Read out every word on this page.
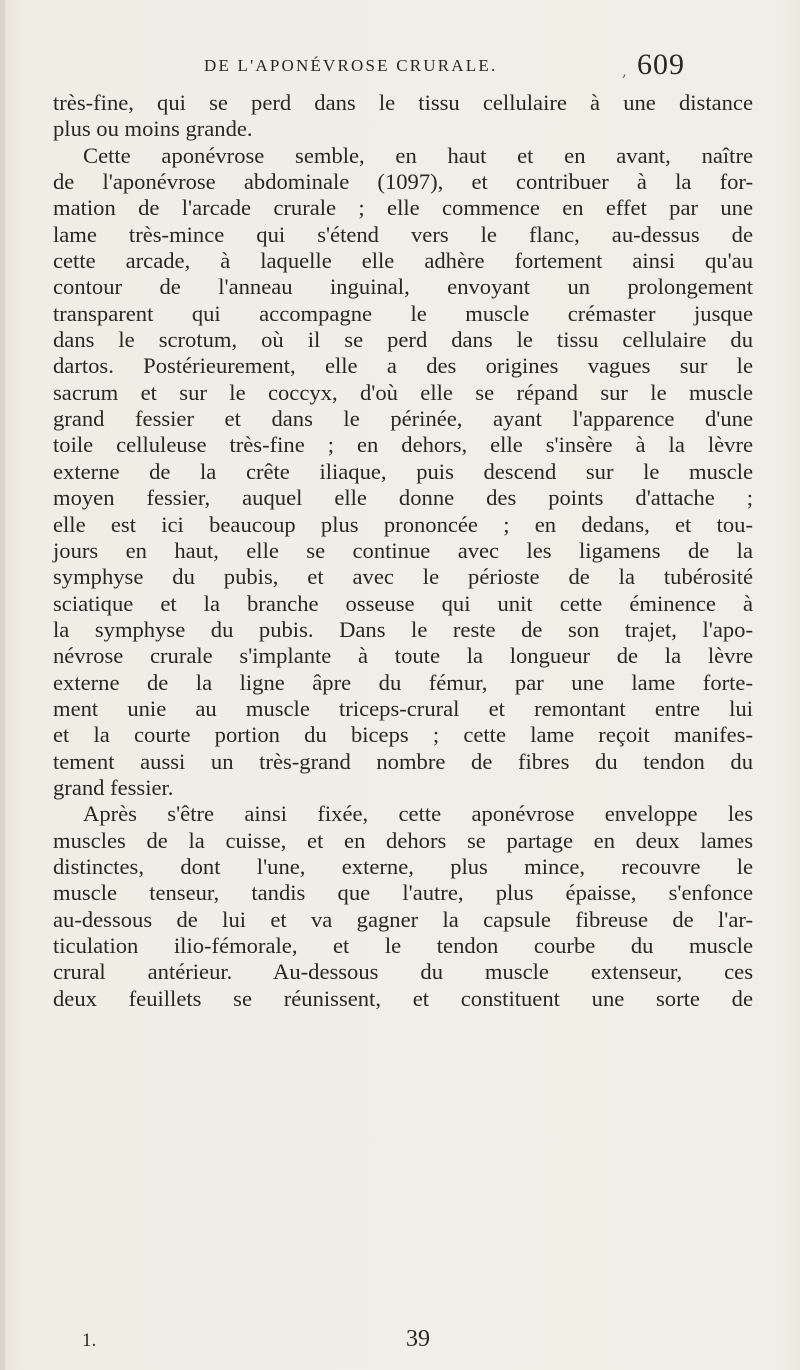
DE L'APONÉVROSE CRURALE.	, 609
très-fine, qui se perd dans le tissu cellulaire à une distance
plus ou moins grande.
Cette aponévrose semble, en haut et en avant, naître
de l'aponévrose abdominale (1097), et contribuer à la for-
mation de l'arcade crurale ; elle commence en effet par une
lame très-mince qui s'étend vers le flanc, au-dessus de
cette arcade, à laquelle elle adhère fortement ainsi qu'au
contour de l'anneau inguinal, envoyant un prolongement
transparent qui accompagne le muscle crémaster jusque
dans le scrotum, où il se perd dans le tissu cellulaire du
dartos. Postérieurement, elle a des origines vagues sur le
sacrum et sur le coccyx, d'où elle se répand sur le muscle
grand fessier et dans le périnée, ayant l'apparence d'une
toile celluleuse très-fine ; en dehors, elle s'insère à la lèvre
externe de la crête iliaque, puis descend sur le muscle
moyen fessier, auquel elle donne des points d'attache ;
elle est ici beaucoup plus prononcée ; en dedans, et tou-
jours en haut, elle se continue avec les ligamens de la
symphyse du pubis, et avec le périoste de la tubérosité
sciatique et la branche osseuse qui unit cette éminence à
la symphyse du pubis. Dans le reste de son trajet, l'apo-
névrose crurale s'implante à toute la longueur de la lèvre
externe de la ligne âpre du fémur, par une lame forte-
ment unie au muscle triceps-crural et remontant entre lui
et la courte portion du biceps ; cette lame reçoit manifes-
tement aussi un très-grand nombre de fibres du tendon du
grand fessier.
Après s'être ainsi fixée, cette aponévrose enveloppe les
muscles de la cuisse, et en dehors se partage en deux lames
distinctes, dont l'une, externe, plus mince, recouvre le
muscle tenseur, tandis que l'autre, plus épaisse, s'enfonce
au-dessous de lui et va gagner la capsule fibreuse de l'ar-
ticulation ilio-fémorale, et le tendon courbe du muscle
crural antérieur. Au-dessous du muscle extenseur, ces
deux feuillets se réunissent, et constituent une sorte de
1.	39
